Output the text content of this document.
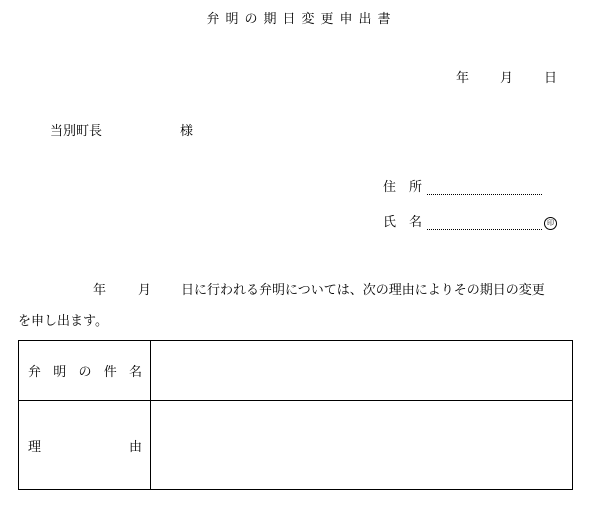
弁明の期日変更申出書
年 月 日
当別町長	様
住　所
氏　名	印
年 月 日に行われる弁明については、次の理由によりその期日の変更
を申し出ます。
弁 明 の 件 名	

理 由	
